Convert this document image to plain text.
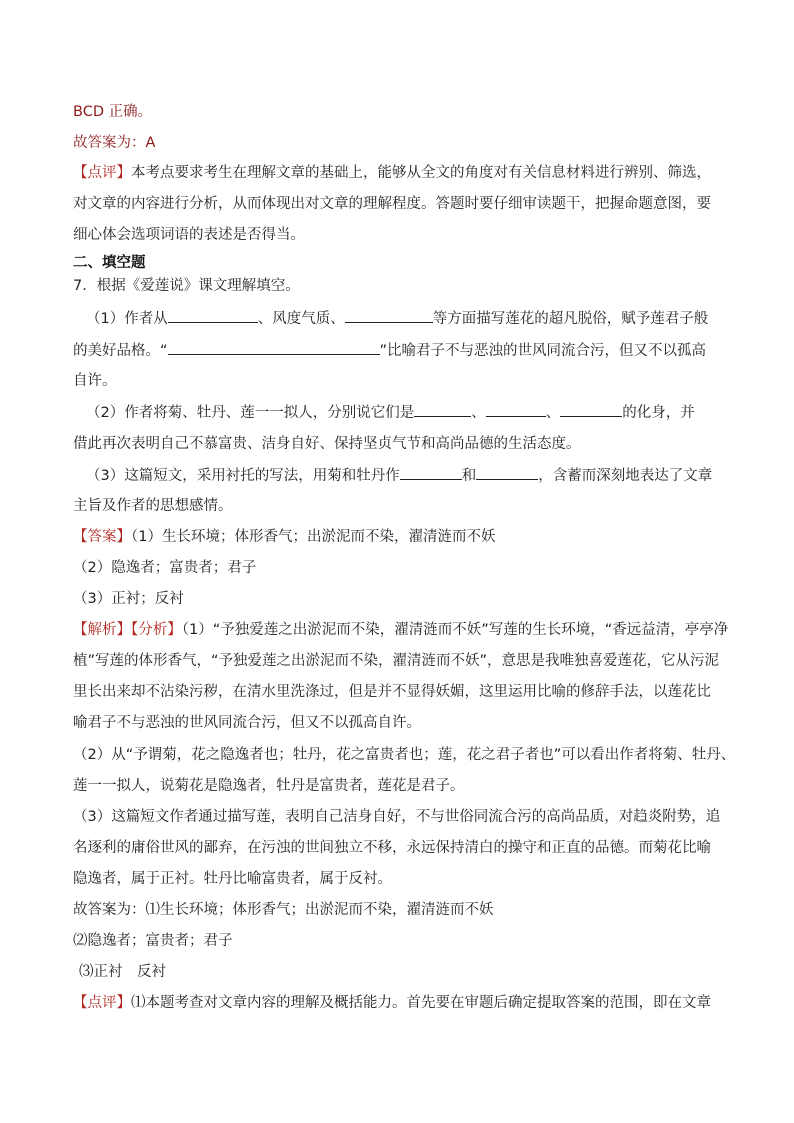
BCD 正确。
故答案为：A
【点评】本考点要求考生在理解文章的基础上，能够从全文的角度对有关信息材料进行辨别、筛选，
对文章的内容进行分析，从而体现出对文章的理解程度。答题时要仔细审读题干，把握命题意图，要
细心体会选项词语的表述是否得当。
二、填空题
7．根据《爱莲说》课文理解填空。
（1）作者从	、风度气质、	等方面描写莲花的超凡脱俗，赋予莲君子般
的美好品格。“	”比喻君子不与恶浊的世风同流合污，但又不以孤高
自许。
（2）作者将菊、牡丹、莲一一拟人，分别说它们是	、	、	的化身，并
借此再次表明自己不慕富贵、洁身自好、保持坚贞气节和高尚品德的生活态度。
（3）这篇短文，采用衬托的写法，用菊和牡丹作	和	，含蓄而深刻地表达了文章
主旨及作者的思想感情。
【答案】（1）生长环境；体形香气；出淤泥而不染，濯清涟而不妖
（2）隐逸者；富贵者；君子
（3）正衬；反衬
【解析】【分析】（1）“予独爱莲之出淤泥而不染，濯清涟而不妖”写莲的生长环境，“香远益清，亭亭净
植”写莲的体形香气，“予独爱莲之出淤泥而不染，濯清涟而不妖”，意思是我唯独喜爱莲花，它从污泥
里长出来却不沾染污秽，在清水里洗涤过，但是并不显得妖媚，这里运用比喻的修辞手法，以莲花比
喻君子不与恶浊的世风同流合污，但又不以孤高自许。
（2）从“予谓菊，花之隐逸者也；牡丹，花之富贵者也；莲，花之君子者也”可以看出作者将菊、牡丹、
莲一一拟人，说菊花是隐逸者，牡丹是富贵者，莲花是君子。
（3）这篇短文作者通过描写莲，表明自己洁身自好，不与世俗同流合污的高尚品质，对趋炎附势，追
名逐利的庸俗世风的鄙弃，在污浊的世间独立不移，永远保持清白的操守和正直的品德。而菊花比喻
隐逸者，属于正衬。牡丹比喻富贵者，属于反衬。
故答案为：⑴生长环境；体形香气；出淤泥而不染，濯清涟而不妖
⑵隐逸者；富贵者；君子
⑶正衬　反衬
【点评】⑴本题考查对文章内容的理解及概括能力。首先要在审题后确定提取答案的范围，即在文章
